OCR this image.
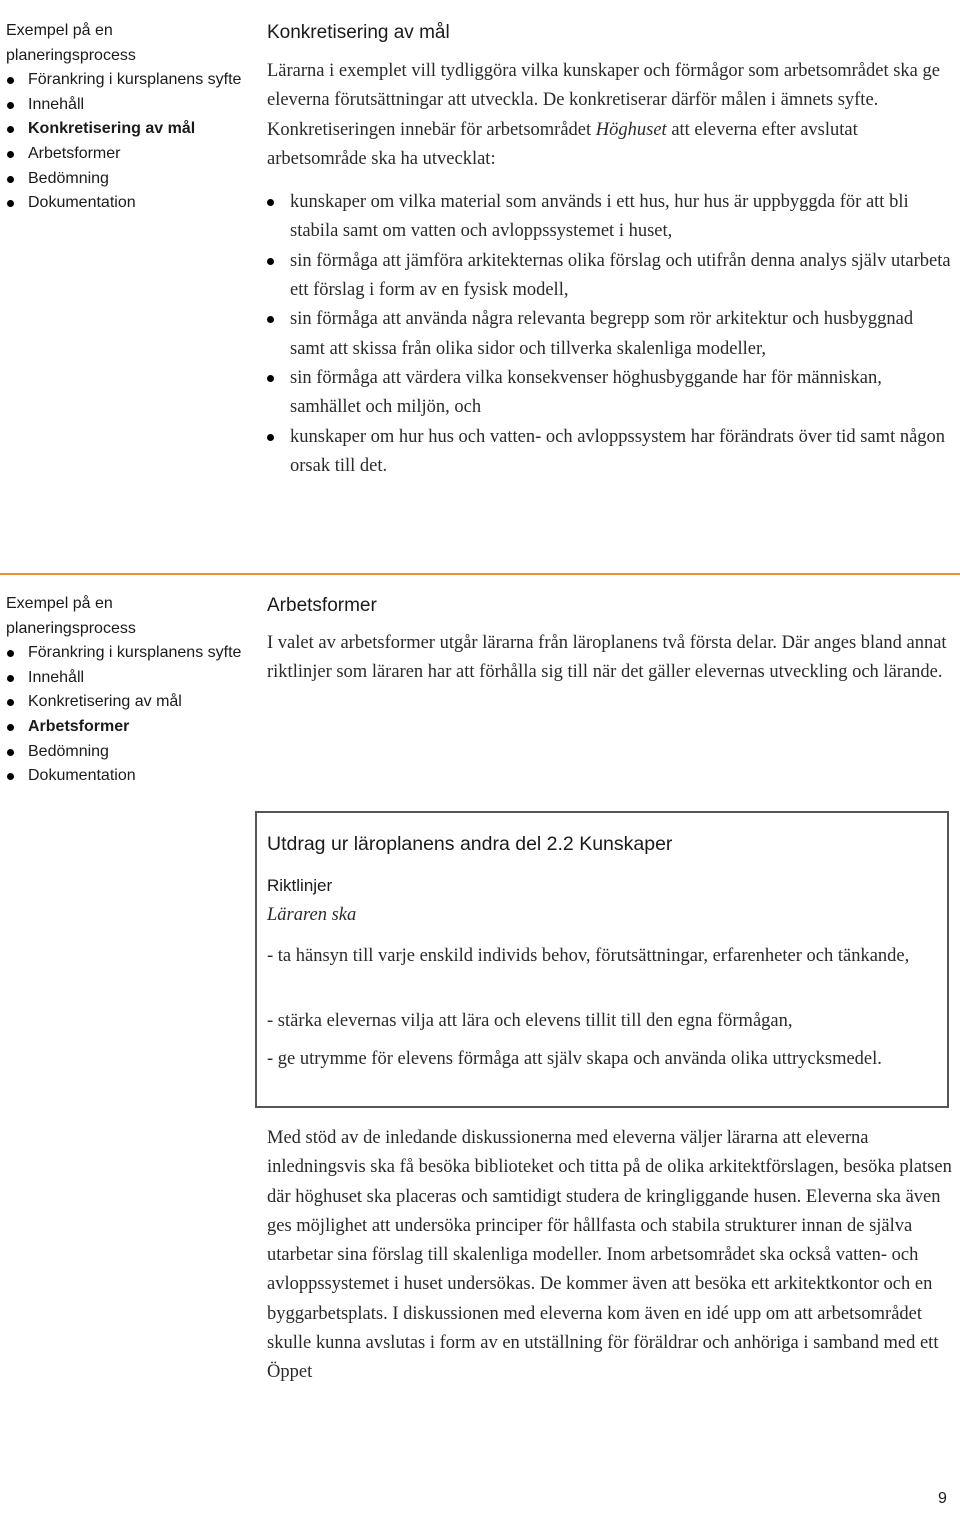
Exempel på en planeringsprocess
Förankring i kursplanens syfte
Innehåll
Konkretisering av mål
Arbetsformer
Bedömning
Dokumentation
Konkretisering av mål

Lärarna i exemplet vill tydliggöra vilka kunskaper och förmågor som arbetsområdet ska ge eleverna förutsättningar att utveckla. De konkretiserar därför målen i ämnets syfte. Konkretiseringen innebär för arbetsområdet Höghuset att eleverna efter avslutat arbetsområde ska ha utvecklat:

kunskaper om vilka material som används i ett hus, hur hus är uppbyggda för att bli stabila samt om vatten och avloppssystemet i huset,
sin förmåga att jämföra arkitekternas olika förslag och utifrån denna analys själv utarbeta ett förslag i form av en fysisk modell,
sin förmåga att använda några relevanta begrepp som rör arkitektur och husbyggnad samt att skissa från olika sidor och tillverka skalenliga modeller,
sin förmåga att värdera vilka konsekvenser höghusbyggande har för människan, samhället och miljön, och
kunskaper om hur hus och vatten- och avloppssystem har förändrats över tid samt någon orsak till det.
Exempel på en planeringsprocess
Förankring i kursplanens syfte
Innehåll
Konkretisering av mål
Arbetsformer
Bedömning
Dokumentation
Arbetsformer

I valet av arbetsformer utgår lärarna från läroplanens två första delar. Där anges bland annat riktlinjer som läraren har att förhålla sig till när det gäller elevernas utveckling och lärande.

Utdrag ur läroplanens andra del 2.2 Kunskaper
Riktlinjer
Läraren ska
- ta hänsyn till varje enskild individs behov, förutsättningar, erfarenheter och tänkande,
- stärka elevernas vilja att lära och elevens tillit till den egna förmågan,
- ge utrymme för elevens förmåga att själv skapa och använda olika uttrycksmedel.

Med stöd av de inledande diskussionerna med eleverna väljer lärarna att eleverna inledningsvis ska få besöka biblioteket och titta på de olika arkitektförslagen, besöka platsen där höghuset ska placeras och samtidigt studera de kringliggande husen. Eleverna ska även ges möjlighet att undersöka principer för hållfasta och stabila strukturer innan de själva utarbetar sina förslag till skalenliga modeller. Inom arbetsområdet ska också vatten- och avloppssystemet i huset undersökas. De kommer även att besöka ett arkitektkontor och en byggarbetsplats. I diskussionen med eleverna kom även en idé upp om att arbetsområdet skulle kunna avslutas i form av en utställning för föräldrar och anhöriga i samband med ett Öppet

9
